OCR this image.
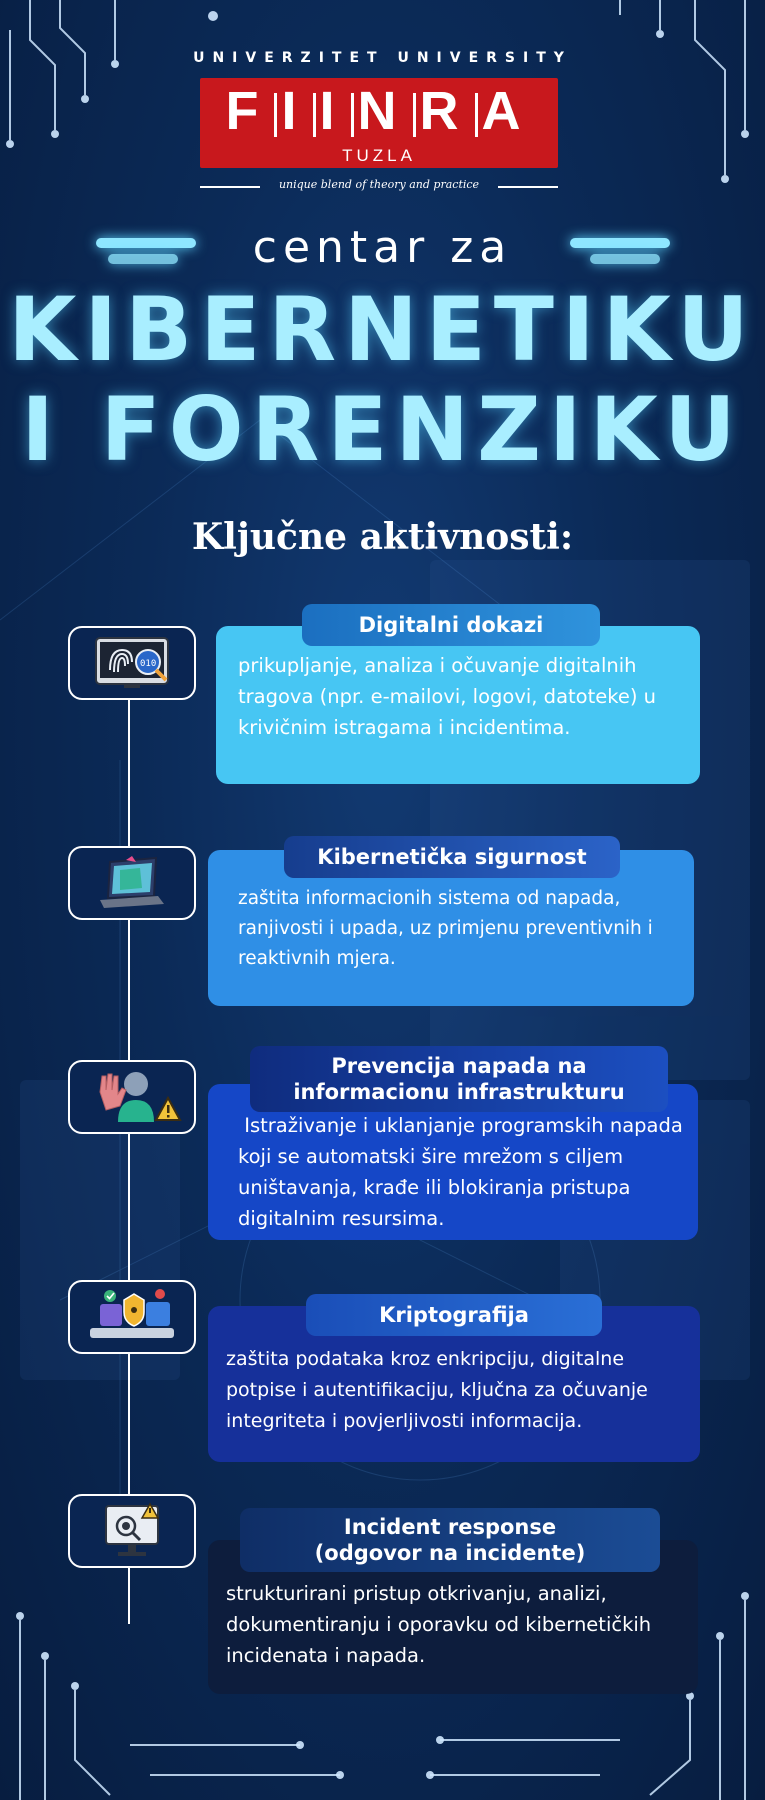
UNIVERZITET UNIVERSITY
F I I N R A
TUZLA
unique blend of theory and practice
centar za
KIBERNETIKU
I FORENZIKU
Ključne aktivnosti:
010
Digitalni dokazi
prikupljanje, analiza i očuvanje digitalnih tragova (npr. e-mailovi, logovi, datoteke) u krivičnim istragama i incidentima.
Kibernetička sigurnost
zaštita informacionih sistema od napada, ranjivosti i upada, uz primjenu preventivnih i reaktivnih mjera.
Prevencija napada na
informacionu infrastrukturu
Istraživanje i uklanjanje programskih napada koji se automatski šire mrežom s ciljem uništavanja, krađe ili blokiranja pristupa digitalnim resursima.
Kriptografija
zaštita podataka kroz enkripciju, digitalne potpise i autentifikaciju, ključna za očuvanje integriteta i povjerljivosti informacija.
Incident response
(odgovor na incidente)
strukturirani pristup otkrivanju, analizi, dokumentiranju i oporavku od kibernetičkih incidenata i napada.
